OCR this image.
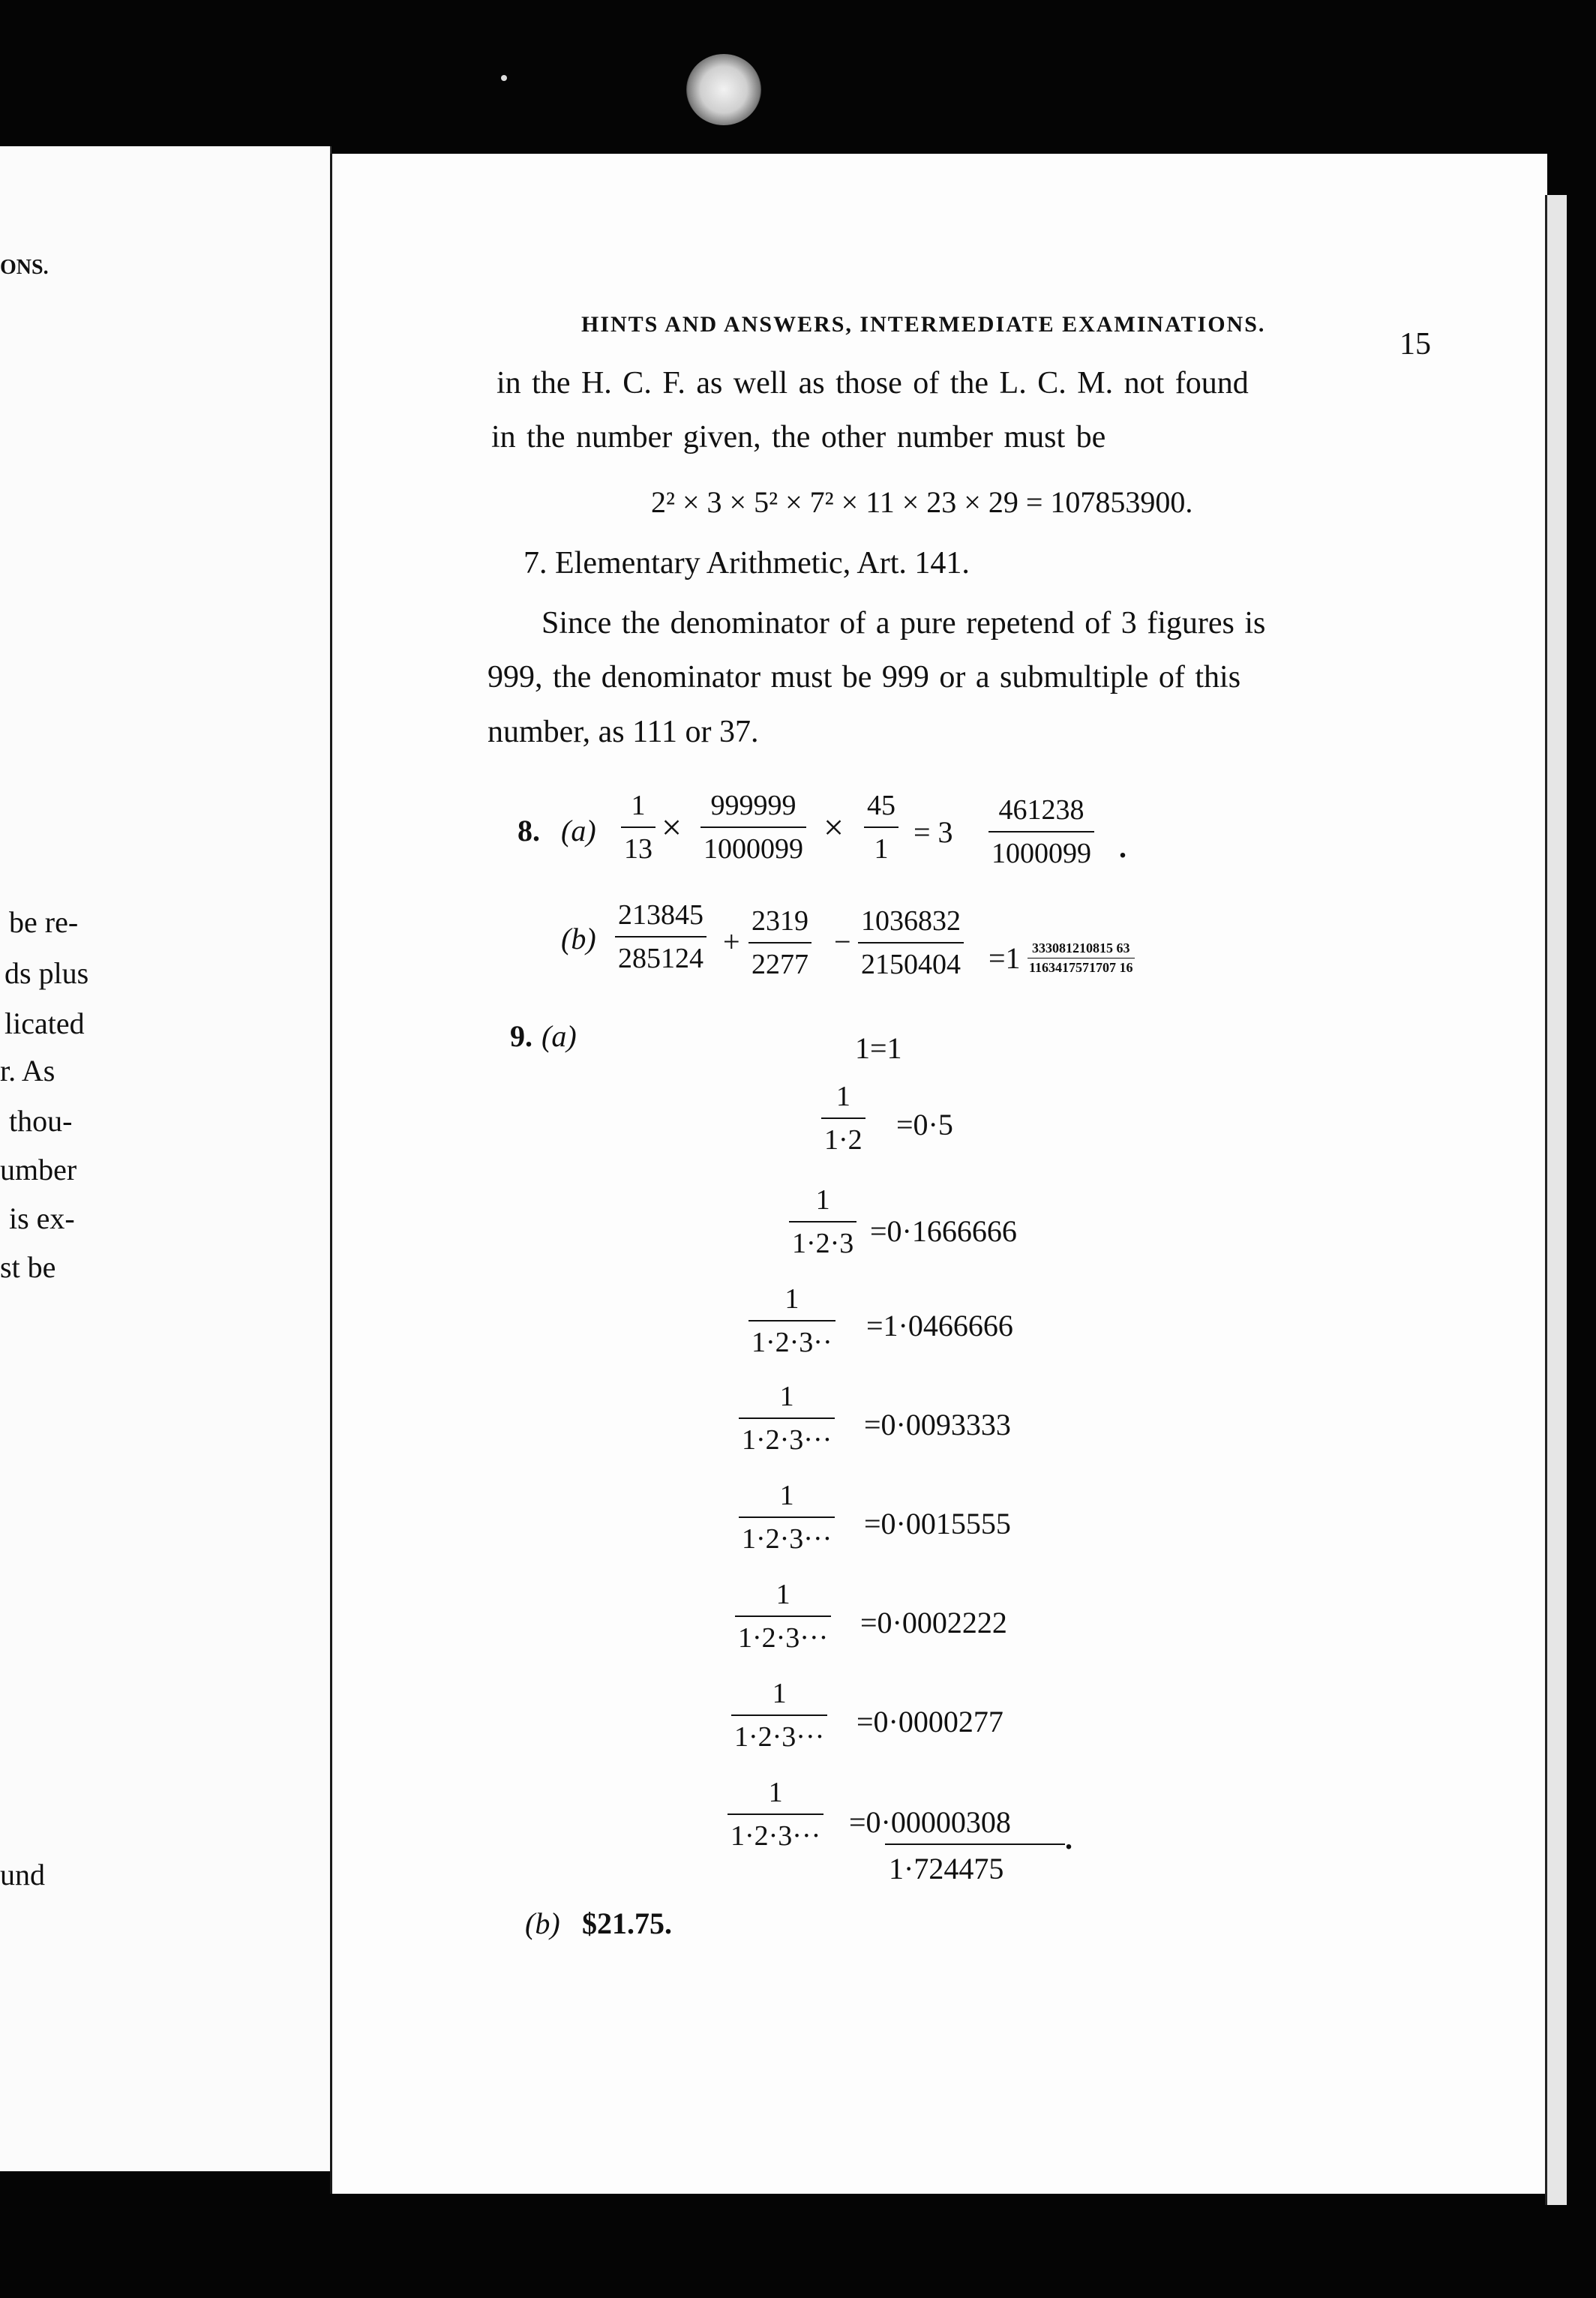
ONS.
be re-
ds plus
licated
r. As
thou-
umber
is ex-
st be
und
HINTS AND ANSWERS, INTERMEDIATE EXAMINATIONS.
15
in the H. C. F. as well as those of the L. C. M. not found
in the number given, the other number must be
2² × 3 × 5² × 7² × 11 × 23 × 29 = 107853900.
7. Elementary Arithmetic, Art. 141.
Since the denominator of a pure repetend of 3 figures is
999, the denominator must be 999 or a submultiple of this
number, as 111 or 37.
8. $(a) \frac{1}{13} \times \frac{999999}{1000099} \times \frac{45}{1} = 3 \frac{461238}{1000099}$ .
$(b) \frac{213845}{285124} + \frac{2319}{2277} - \frac{1036832}{2150404} =1 \frac{333081210815 63}{1163417571707 16}$
9. (a)	1=1
$\frac{1}{1\cdot 2} =0\cdot 5$
$\frac{1}{1\cdot 2\cdot 3} =0\cdot 1666666$
$\frac{1}{1\cdot 2\cdot 3\cdot\cdot} =1\cdot 0466666$
$\frac{1}{1\cdot 2\cdot 3\cdot\cdot\cdot} =0\cdot 0093333$
$\frac{1}{1\cdot 2\cdot 3\cdot\cdot\cdot} =0\cdot 0015555$
$\frac{1}{1\cdot 2\cdot 3\cdot\cdot\cdot} =0\cdot 0002222$
$\frac{1}{1\cdot 2\cdot 3\cdot\cdot\cdot} =0\cdot 0000277$
$\frac{1}{1\cdot 2\cdot 3\cdot\cdot\cdot} =0\cdot 00000308$
1·724475
.
(b) $21.75.
